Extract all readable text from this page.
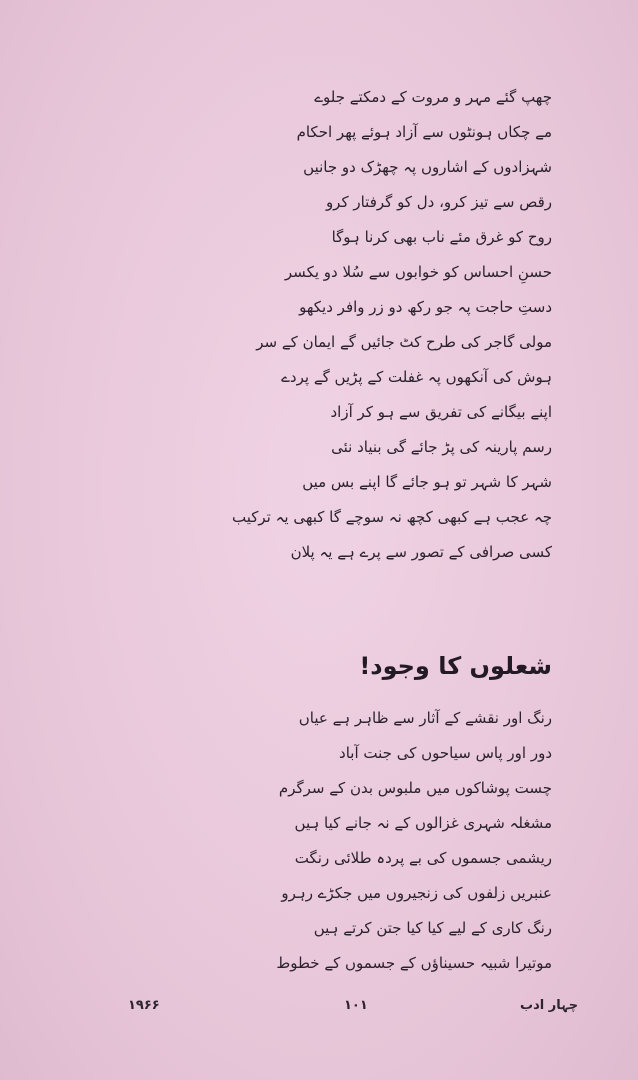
چھپ گئے مہر و مروت کے دمکتے جلوے
مے چکاں ہونٹوں سے آزاد ہوئے پھر احکام
شہزادوں کے اشاروں پہ چھڑک دو جانیں
رقص سے تیز کرو، دل کو گرفتار کرو
روح کو غرق مئے ناب بھی کرنا ہوگا
حسنِ احساس کو خوابوں سے سُلا دو یکسر
دستِ حاجت پہ جو رکھ دو زر وافر دیکھو
مولی گاجر کی طرح کٹ جائیں گے ایمان کے سر
ہوش کی آنکھوں پہ غفلت کے پڑیں گے پردے
اپنے بیگانے کی تفریق سے ہو کر آزاد
رسم پارینہ کی پڑ جائے گی بنیاد نئی
شہر کا شہر تو ہو جائے گا اپنے بس میں
چہ عجب ہے کبھی کچھ نہ سوچے گا کبھی یہ ترکیب
کسی صرافی کے تصور سے پرے ہے یہ پلان
شعلوں کا وجود!
رنگ اور نقشے کے آثار سے ظاہر ہے عیاں
دور اور پاس سیاحوں کی جنت آباد
چست پوشاکوں میں ملبوس بدن کے سرگرم
مشغلہ شہری غزالوں کے نہ جانے کیا ہیں
ریشمی جسموں کی بے پردہ طلائی رنگت
عنبریں زلفوں کی زنجیروں میں جکڑے رہرو
رنگ کاری کے لیے کیا کیا جتن کرتے ہیں
موتیرا شبیہ حسیناؤں کے جسموں کے خطوط
۱۹۶۶	۱۰۱	چہار ادب
